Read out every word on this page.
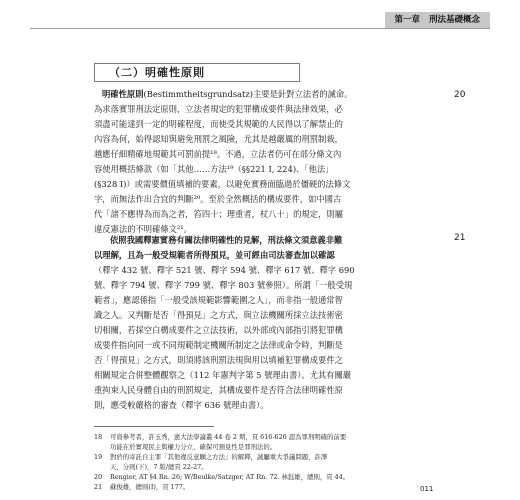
第一章 刑法基礎概念
（二）明確性原則
20
21
明確性原則(Bestimmtheitsgrundsatz)主要是針對立法者的誡命。
為求落實罪刑法定原則，立法者規定的犯罪構成要件與法律效果，必
須盡可能達到一定的明確程度，而使受其規範的人民得以了解禁止的
內容為何，始得認知與避免刑罰之風險，尤其是越嚴厲的刑罰制裁，
越應仔細精確地規範其可罰前提¹⁸。不過，立法者仍可在部分條文內
容使用概括條款（如「其他……方法¹⁹（§§221 I, 224)、「他法」
(§328 I)）或需要價值填補的要素，以避免實務面臨過於僵硬的法條文
字，而無法作出合宜的判斷²⁰。至於全然概括的構成要件，如中國古
代「諸不應得為而為之者，笞四十；理重者，杖八十」的規定，則屬
違反憲法的不明確條文²¹。
依照我國釋憲實務有關法律明確性的見解，刑法條文須意義非難
以理解，且為一般受規範者所得預見，並可經由司法審查加以確認
（釋字 432 號、釋字 521 號、釋字 594 號、釋字 617 號、釋字 690
號、釋字 794 號、釋字 799 號、釋字 803 號參照）。所謂「一般受規
範者」，應認係指「一般受該規範影響範圍之人」，而非指一般通常智
識之人。又判斷是否「得預見」之方式，與立法機關所採立法技術密
切相關，若採空白構成要件之立法技術，以外部或內部指引將犯罪構
成要件指向同一或不同規範制定機關所制定之法律或命令時，判斷是
否「得預見」之方式，則須將該刑罰法規與用以填補犯罪構成要件之
相關規定合併整體觀察之（112 年憲判字第 5 號理由書）。尤其有關嚴
重拘束人民身體自由的刑罰規定，其構成要件是否符合法律明確性原
則，應受較嚴格的審查（釋字 636 號理由書）。
18	可資參考者，許玉秀，憲大法學論叢 44 卷 2 期，頁 616-626 認為罪刑明確的前要
功能在於實現民主與權力分立，確保可預見性是罪刑法的。
19	對於的寄託自主罪「其他違反意願之方法」的解釋，誠屬重大爭議問題，許澤
天，分則(下)，7 版/總頁 22-27。
20	Rengier, AT §4 Rn. 26; W/Beulke/Satzger, AT Rn. 72. 林鈺雄，總則，頁 44。
21	蘇俊雄，總則(I)，頁 177。	011
